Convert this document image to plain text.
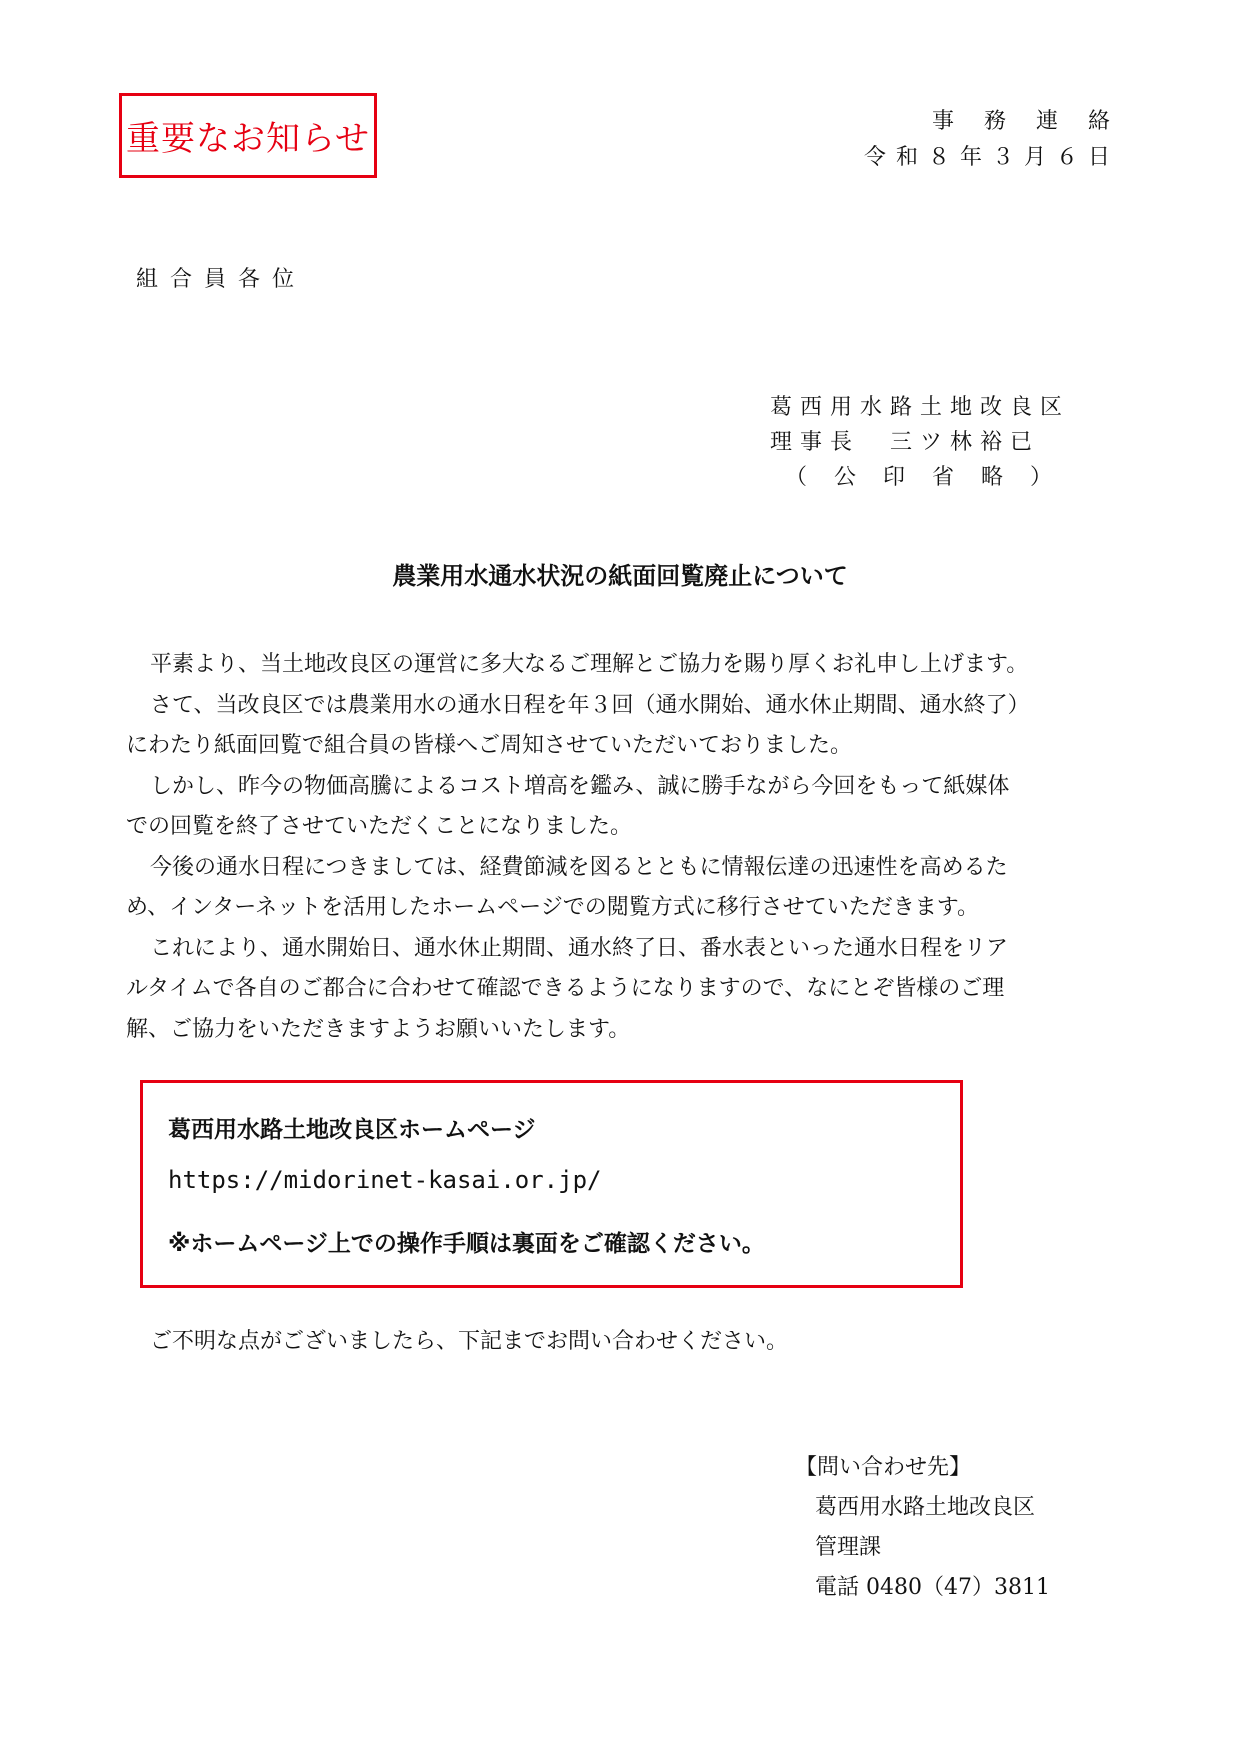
重要なお知らせ	事務連絡
令和８年３月６日
組合員各位
葛西用水路土地改良区
理事長　三ツ林裕已
（公印省略）
農業用水通水状況の紙面回覧廃止について
平素より、当土地改良区の運営に多大なるご理解とご協力を賜り厚くお礼申し上げます。
さて、当改良区では農業用水の通水日程を年３回（通水開始、通水休止期間、通水終了）
にわたり紙面回覧で組合員の皆様へご周知させていただいておりました。
しかし、昨今の物価高騰によるコスト増高を鑑み、誠に勝手ながら今回をもって紙媒体
での回覧を終了させていただくことになりました。
今後の通水日程につきましては、経費節減を図るとともに情報伝達の迅速性を高めるた
め、インターネットを活用したホームページでの閲覧方式に移行させていただきます。
これにより、通水開始日、通水休止期間、通水終了日、番水表といった通水日程をリア
ルタイムで各自のご都合に合わせて確認できるようになりますので、なにとぞ皆様のご理
解、ご協力をいただきますようお願いいたします。
葛西用水路土地改良区ホームページ
https://midorinet-kasai.or.jp/
※ホームページ上での操作手順は裏面をご確認ください。
ご不明な点がございましたら、下記までお問い合わせください。
【問い合わせ先】
葛西用水路土地改良区
管理課
電話 0480（47）3811
